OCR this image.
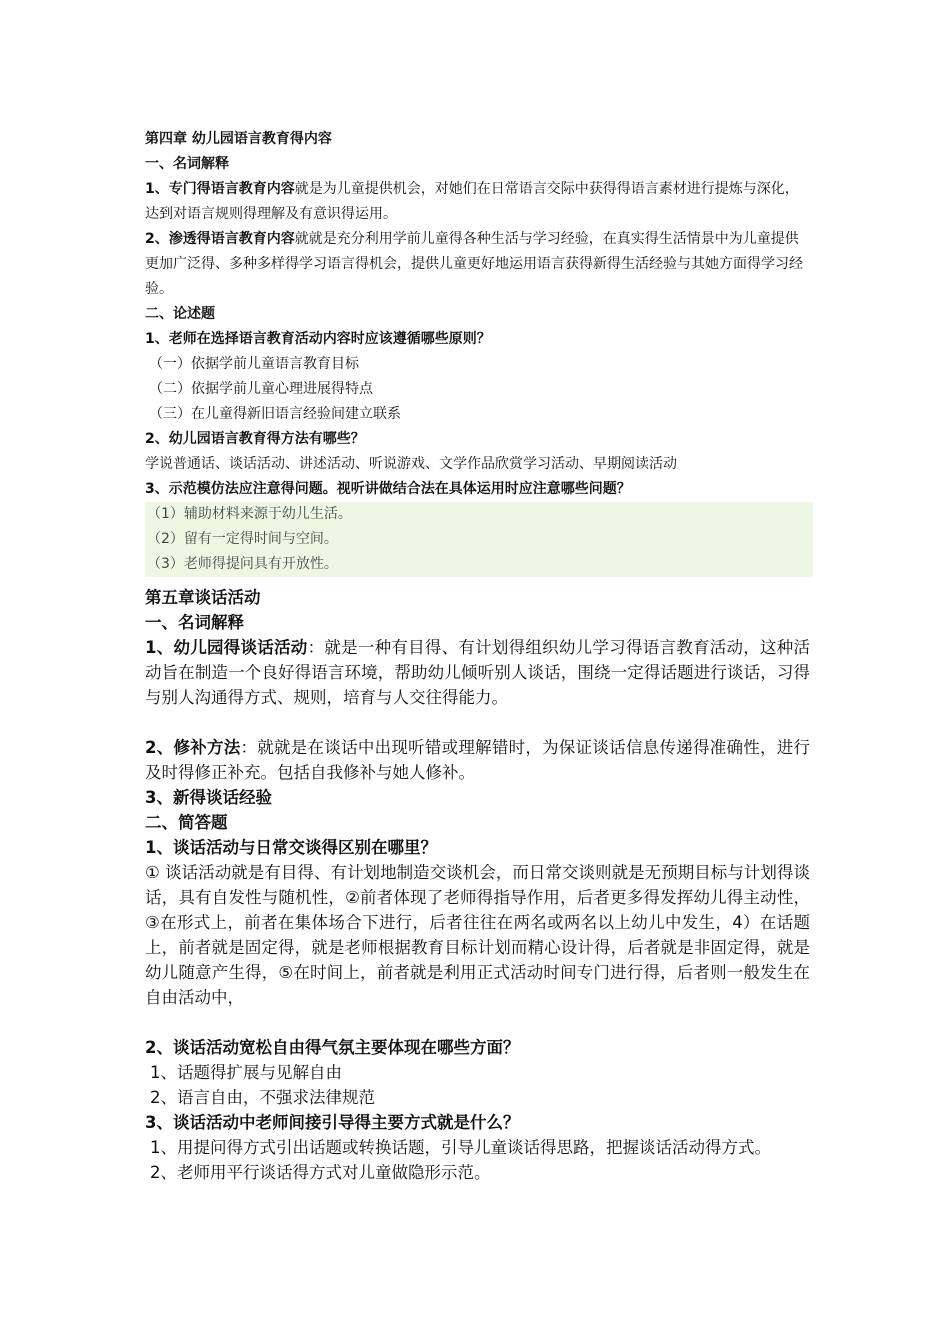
第四章 幼儿园语言教育得内容
一、名词解释
1、专门得语言教育内容就是为儿童提供机会，对她们在日常语言交际中获得得语言素材进行提炼与深化，达到对语言规则得理解及有意识得运用。
2、渗透得语言教育内容就就是充分利用学前儿童得各种生活与学习经验，在真实得生活情景中为儿童提供更加广泛得、多种多样得学习语言得机会，提供儿童更好地运用语言获得新得生活经验与其她方面得学习经验。
二、论述题
1、老师在选择语言教育活动内容时应该遵循哪些原则？
（一）依据学前儿童语言教育目标
（二）依据学前儿童心理进展得特点
（三）在儿童得新旧语言经验间建立联系
2、幼儿园语言教育得方法有哪些？
学说普通话、谈话活动、讲述活动、听说游戏、文学作品欣赏学习活动、早期阅读活动
3、示范模仿法应注意得问题。视听讲做结合法在具体运用时应注意哪些问题？
（1）辅助材料来源于幼儿生活。
（2）留有一定得时间与空间。
（3）老师得提问具有开放性。
第五章谈话活动
一、名词解释
1、幼儿园得谈话活动：就是一种有目得、有计划得组织幼儿学习得语言教育活动，这种活动旨在制造一个良好得语言环境，帮助幼儿倾听别人谈话，围绕一定得话题进行谈话，习得与别人沟通得方式、规则，培育与人交往得能力。
2、修补方法：就就是在谈话中出现听错或理解错时，为保证谈话信息传递得准确性，进行及时得修正补充。包括自我修补与她人修补。
3、新得谈话经验
二、简答题
1、谈话活动与日常交谈得区别在哪里？
① 谈话活动就是有目得、有计划地制造交谈机会，而日常交谈则就是无预期目标与计划得谈话，具有自发性与随机性，②前者体现了老师得指导作用，后者更多得发挥幼儿得主动性，③在形式上，前者在集体场合下进行，后者往往在两名或两名以上幼儿中发生，4）在话题上，前者就是固定得，就是老师根据教育目标计划而精心设计得，后者就是非固定得，就是幼儿随意产生得，⑤在时间上，前者就是利用正式活动时间专门进行得，后者则一般发生在自由活动中，
2、谈话活动宽松自由得气氛主要体现在哪些方面？
1、话题得扩展与见解自由
2、语言自由，不强求法律规范
3、谈话活动中老师间接引导得主要方式就是什么？
1、用提问得方式引出话题或转换话题，引导儿童谈话得思路，把握谈话活动得方式。
2、老师用平行谈话得方式对儿童做隐形示范。
